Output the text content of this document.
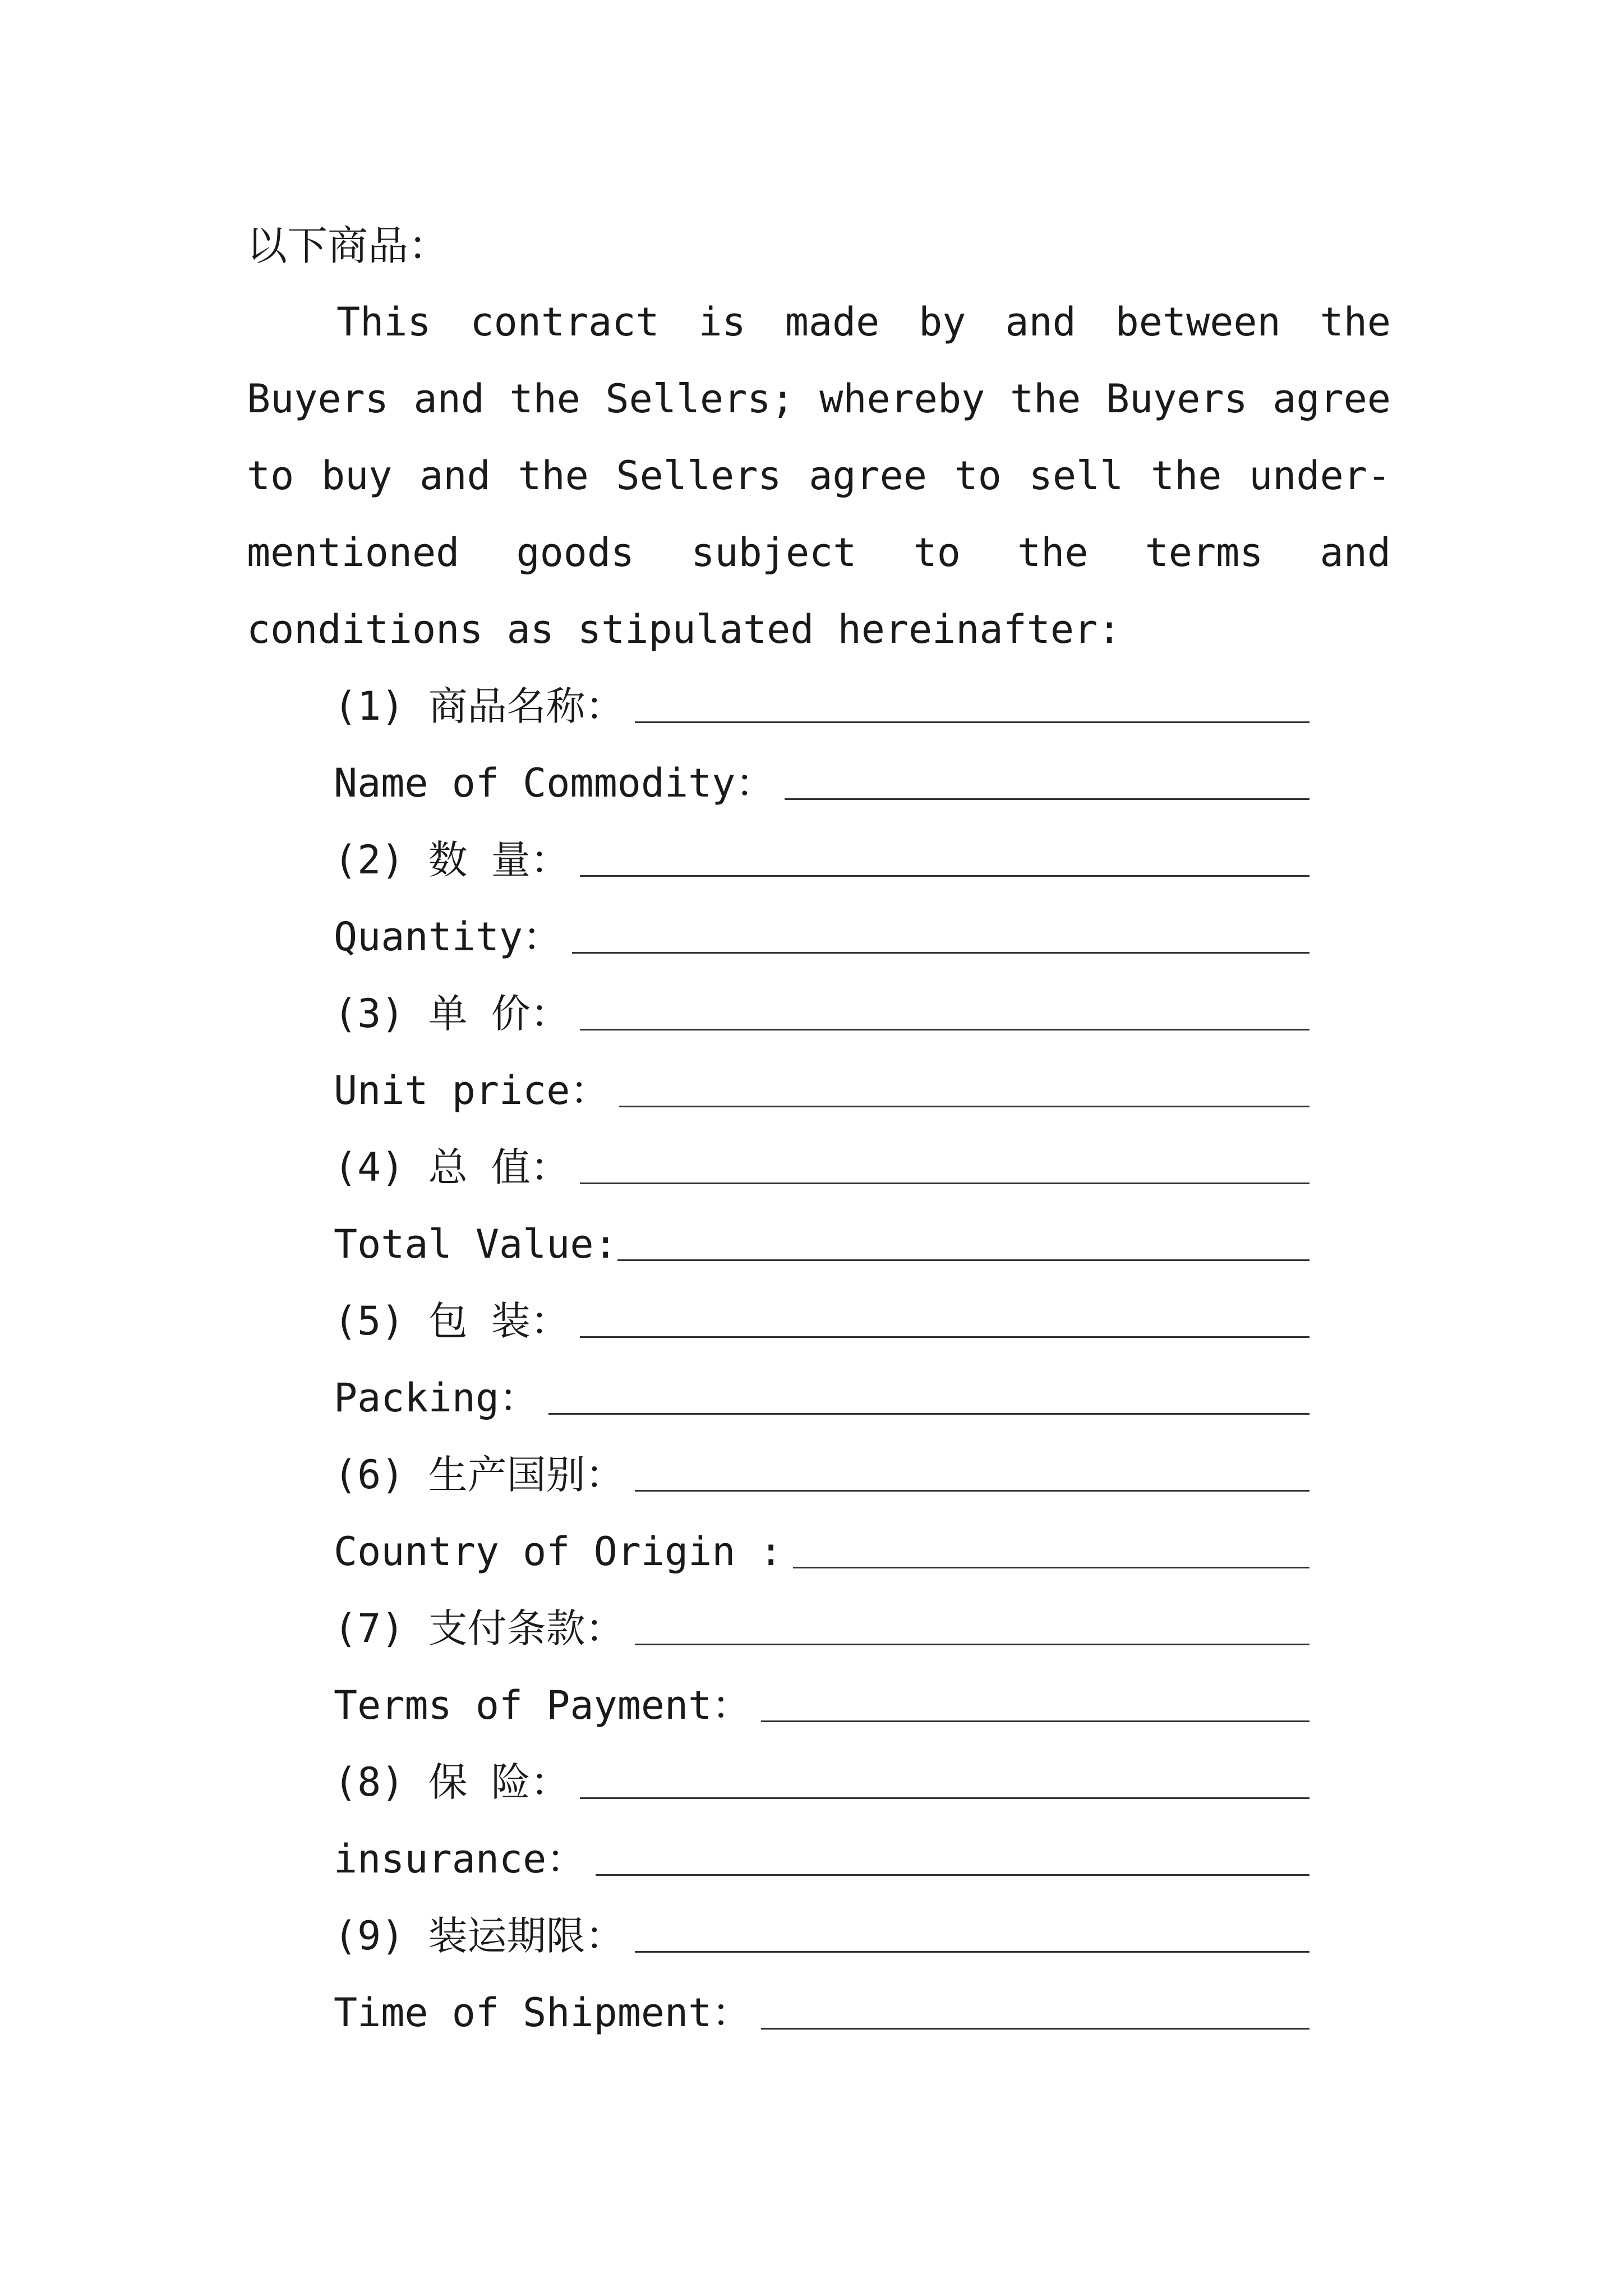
以下商品：

This contract is made by and between the Buyers and the Sellers; whereby the Buyers agree to buy and the Sellers agree to sell the under-mentioned goods subject to the terms and conditions as stipulated hereinafter:

(1) 商品名称：
Name of Commodity：
(2) 数 量：
Quantity：
(3) 单 价：
Unit price：
(4) 总 值：
Total Value:
(5) 包 装：
Packing：
(6) 生产国别：
Country of Origin :
(7) 支付条款：
Terms of Payment：
(8) 保 险：
insurance：
(9) 装运期限：
Time of Shipment：
